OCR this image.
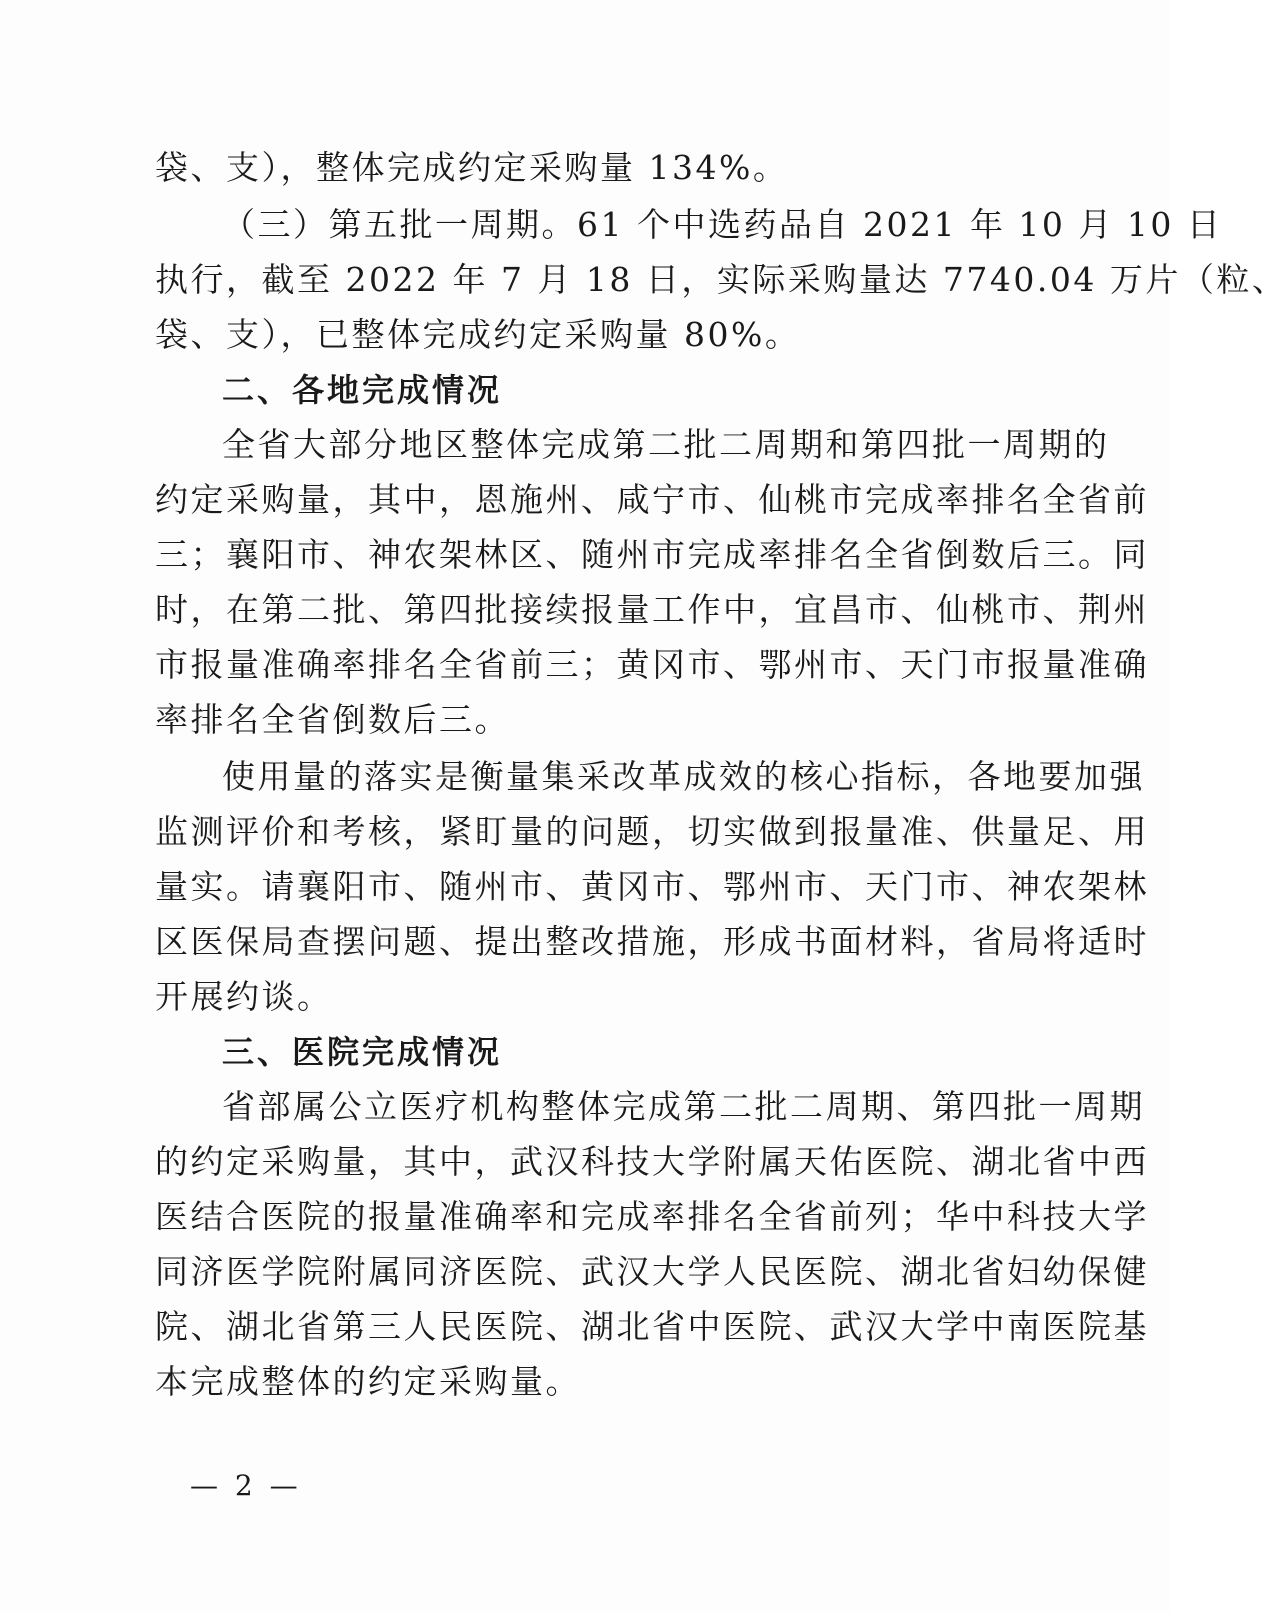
袋、支），整体完成约定采购量 134%。
（三）第五批一周期。61 个中选药品自 2021 年 10 月 10 日
执行，截至 2022 年 7 月 18 日，实际采购量达 7740.04 万片（粒、
袋、支），已整体完成约定采购量 80%。
二、各地完成情况
全省大部分地区整体完成第二批二周期和第四批一周期的
约定采购量，其中，恩施州、咸宁市、仙桃市完成率排名全省前
三；襄阳市、神农架林区、随州市完成率排名全省倒数后三。同
时，在第二批、第四批接续报量工作中，宜昌市、仙桃市、荆州
市报量准确率排名全省前三；黄冈市、鄂州市、天门市报量准确
率排名全省倒数后三。
使用量的落实是衡量集采改革成效的核心指标，各地要加强
监测评价和考核，紧盯量的问题，切实做到报量准、供量足、用
量实。请襄阳市、随州市、黄冈市、鄂州市、天门市、神农架林
区医保局查摆问题、提出整改措施，形成书面材料，省局将适时
开展约谈。
三、医院完成情况
省部属公立医疗机构整体完成第二批二周期、第四批一周期
的约定采购量，其中，武汉科技大学附属天佑医院、湖北省中西
医结合医院的报量准确率和完成率排名全省前列；华中科技大学
同济医学院附属同济医院、武汉大学人民医院、湖北省妇幼保健
院、湖北省第三人民医院、湖北省中医院、武汉大学中南医院基
本完成整体的约定采购量。
— 2 —
